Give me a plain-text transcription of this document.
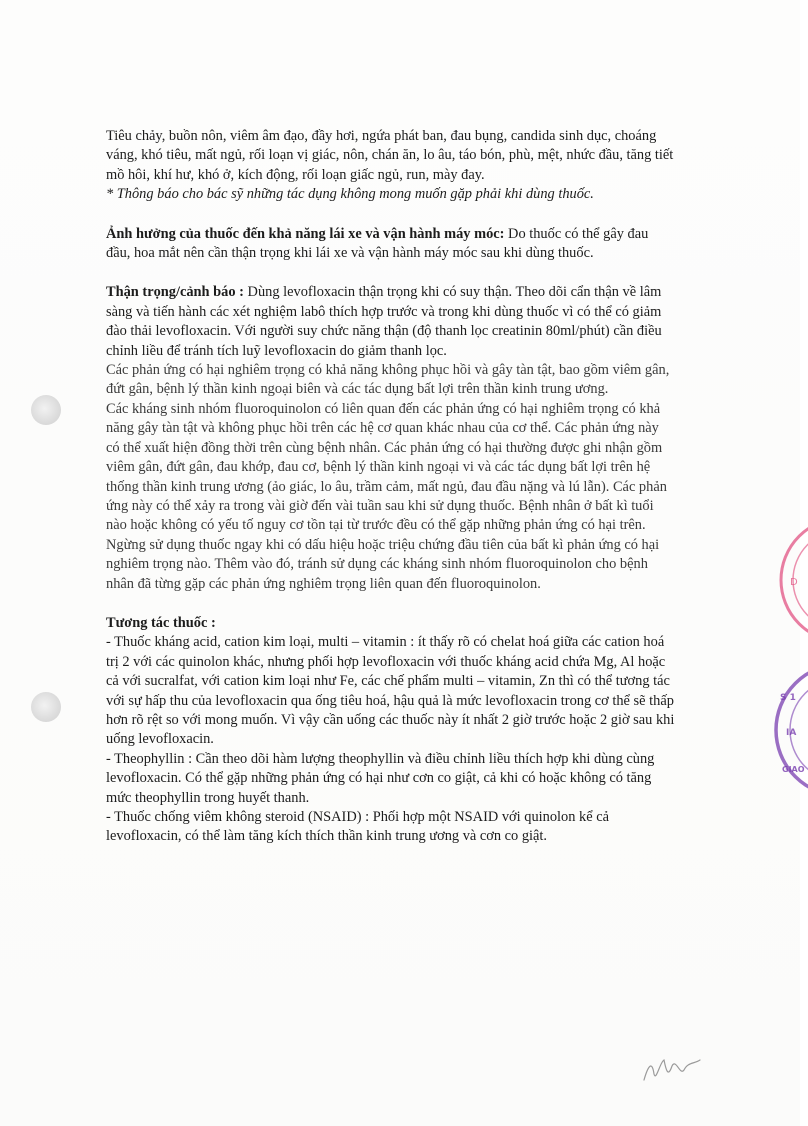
D
S 1
IA
GIAO

Tiêu chảy, buồn nôn, viêm âm đạo, đầy hơi, ngứa phát ban, đau bụng, candida sinh dục, choáng váng, khó tiêu, mất ngủ, rối loạn vị giác, nôn, chán ăn, lo âu, táo bón, phù, mệt, nhức đầu, tăng tiết mồ hôi, khí hư, khó ở, kích động, rối loạn giấc ngủ, run, mày đay.

* Thông báo cho bác sỹ những tác dụng không mong muốn gặp phải khi dùng thuốc.

Ảnh hưởng của thuốc đến khả năng lái xe và vận hành máy móc: Do thuốc có thể gây đau đầu, hoa mắt nên cần thận trọng khi lái xe và vận hành máy móc sau khi dùng thuốc.

Thận trọng/cảnh báo : Dùng levofloxacin thận trọng khi có suy thận. Theo dõi cẩn thận về lâm sàng và tiến hành các xét nghiệm labô thích hợp trước và trong khi dùng thuốc vì có thể có giảm đào thải levofloxacin. Với người suy chức năng thận (độ thanh lọc creatinin 80ml/phút) cần điều chỉnh liều để tránh tích luỹ levofloxacin do giảm thanh lọc.

Các phản ứng có hại nghiêm trọng có khả năng không phục hồi và gây tàn tật, bao gồm viêm gân, đứt gân, bệnh lý thần kinh ngoại biên và các tác dụng bất lợi trên thần kinh trung ương.

Các kháng sinh nhóm fluoroquinolon có liên quan đến các phản ứng có hại nghiêm trọng có khả năng gây tàn tật và không phục hồi trên các hệ cơ quan khác nhau của cơ thể. Các phản ứng này có thể xuất hiện đồng thời trên cùng bệnh nhân. Các phản ứng có hại thường được ghi nhận gồm viêm gân, đứt gân, đau khớp, đau cơ, bệnh lý thần kinh ngoại vi và các tác dụng bất lợi trên hệ thống thần kinh trung ương (ảo giác, lo âu, trầm cảm, mất ngủ, đau đầu nặng và lú lẫn). Các phản ứng này có thể xảy ra trong vài giờ đến vài tuần sau khi sử dụng thuốc. Bệnh nhân ở bất kì tuổi nào hoặc không có yếu tố nguy cơ tồn tại từ trước đều có thể gặp những phản ứng có hại trên.

Ngừng sử dụng thuốc ngay khi có dấu hiệu hoặc triệu chứng đầu tiên của bất kì phản ứng có hại nghiêm trọng nào. Thêm vào đó, tránh sử dụng các kháng sinh nhóm fluoroquinolon cho bệnh nhân đã từng gặp các phản ứng nghiêm trọng liên quan đến fluoroquinolon.

Tương tác thuốc :

- Thuốc kháng acid, cation kim loại, multi – vitamin : ít thấy rõ có chelat hoá giữa các cation hoá trị 2 với các quinolon khác, nhưng phối hợp levofloxacin với thuốc kháng acid chứa Mg, Al hoặc cả với sucralfat, với cation kim loại như Fe, các chế phẩm multi – vitamin, Zn thì có thể tương tác với sự hấp thu của levofloxacin qua ống tiêu hoá, hậu quả là mức levofloxacin trong cơ thể sẽ thấp hơn rõ rệt so với mong muốn. Vì vậy cần uống các thuốc này ít nhất 2 giờ trước hoặc 2 giờ sau khi uống levofloxacin.

- Theophyllin : Cần theo dõi hàm lượng theophyllin và điều chỉnh liều thích hợp khi dùng cùng levofloxacin. Có thể gặp những phản ứng có hại như cơn co giật, cả khi có hoặc không có tăng mức theophyllin trong huyết thanh.

- Thuốc chống viêm không steroid (NSAID) : Phối hợp một NSAID với quinolon kể cả levofloxacin, có thể làm tăng kích thích thần kinh trung ương và cơn co giật.
